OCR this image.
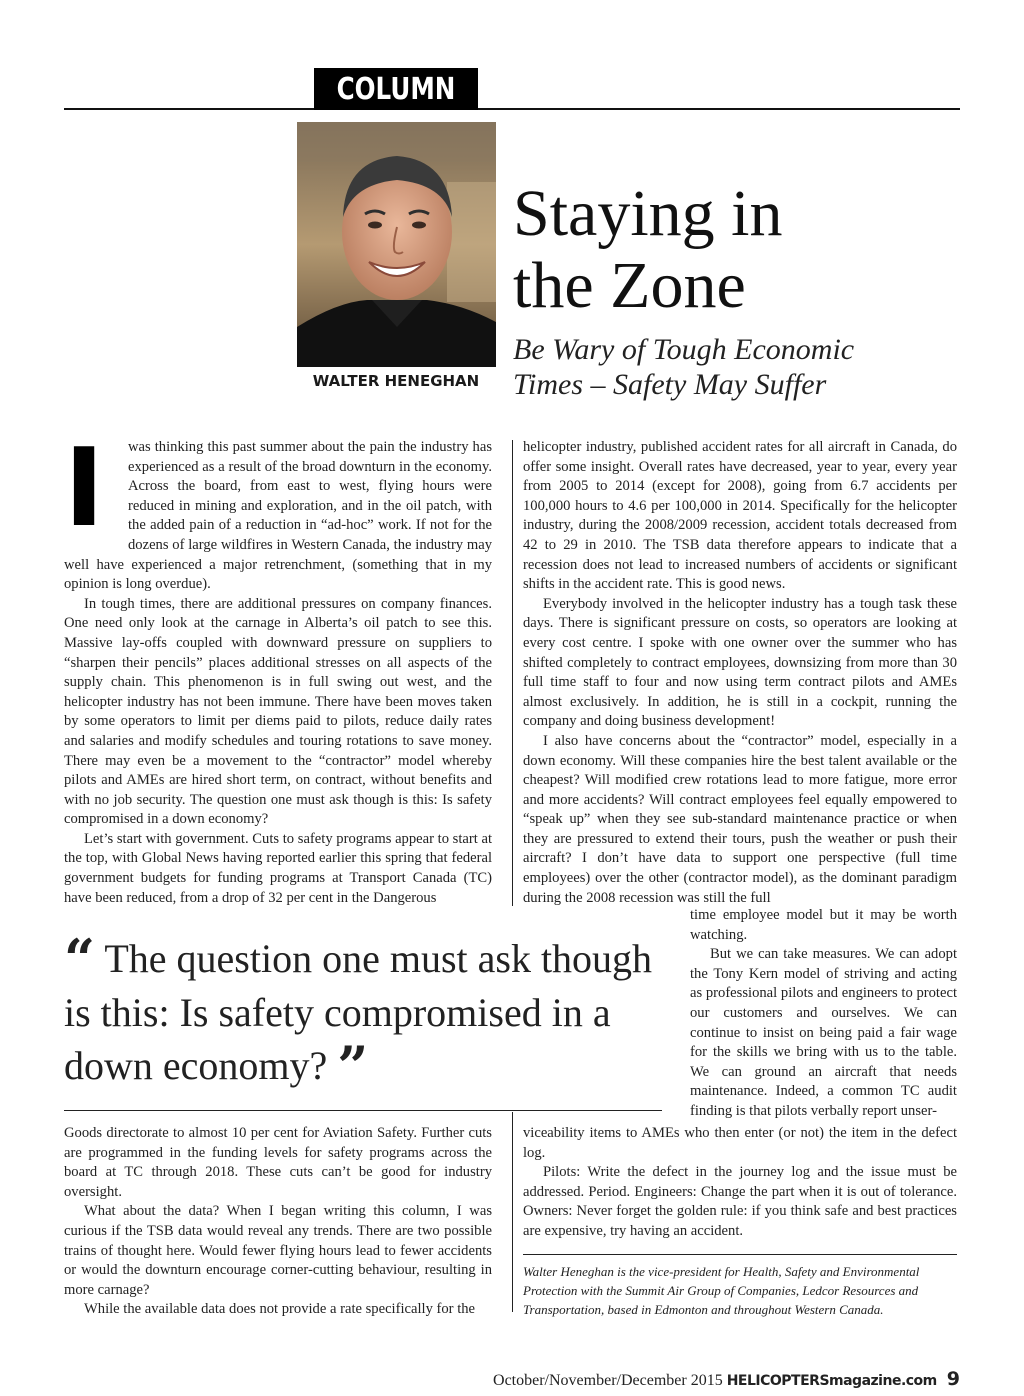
COLUMN
WALTER HENEGHAN
Staying in
the Zone
Be Wary of Tough Economic
Times – Safety May Suffer
I	was thinking this past summer about the pain the industry has experienced as a result of the broad downturn in the economy. Across the board, from east to west, flying hours were reduced in mining and exploration, and in the oil patch, with the added pain of a reduction in “ad-hoc” work. If not for the dozens of large wildfires in Western Canada, the industry may well have experienced a major retrenchment, (something that in my opinion is long overdue).

In tough times, there are additional pressures on company finances. One need only look at the carnage in Alberta’s oil patch to see this. Massive lay-offs coupled with downward pressure on suppliers to “sharpen their pencils” places additional stresses on all aspects of the supply chain. This phenomenon is in full swing out west, and the helicopter industry has not been immune. There have been moves taken by some operators to limit per diems paid to pilots, reduce daily rates and salaries and modify schedules and touring rotations to save money. There may even be a movement to the “contractor” model whereby pilots and AMEs are hired short term, on contract, without benefits and with no job security. The question one must ask though is this: Is safety compromised in a down economy?

Let’s start with government. Cuts to safety programs appear to start at the top, with Global News having reported earlier this spring that federal government budgets for funding programs at Transport Canada (TC) have been reduced, from a drop of 32 per cent in the Dangerous

helicopter industry, published accident rates for all aircraft in Canada, do offer some insight. Overall rates have decreased, year to year, every year from 2005 to 2014 (except for 2008), going from 6.7 accidents per 100,000 hours to 4.6 per 100,000 in 2014. Specifically for the helicopter industry, during the 2008/2009 recession, accident totals decreased from 42 to 29 in 2010. The TSB data therefore appears to indicate that a recession does not lead to increased numbers of accidents or significant shifts in the accident rate. This is good news.

Everybody involved in the helicopter industry has a tough task these days. There is significant pressure on costs, so operators are looking at every cost centre. I spoke with one owner over the summer who has shifted completely to contract employees, downsizing from more than 30 full time staff to four and now using term contract pilots and AMEs almost exclusively. In addition, he is still in a cockpit, running the company and doing business development!

I also have concerns about the “contractor” model, especially in a down economy. Will these companies hire the best talent available or the cheapest? Will modified crew rotations lead to more fatigue, more error and more accidents? Will contract employees feel equally empowered to “speak up” when they see sub-standard maintenance practice or when they are pressured to extend their tours, push the weather or push their aircraft? I don’t have data to support one perspective (full time employees) over the other (contractor model), as the dominant paradigm during the 2008 recession was still the full

time employee model but it may be worth watching.

But we can take measures. We can adopt the Tony Kern model of striving and acting as professional pilots and engineers to protect our customers and ourselves. We can continue to insist on being paid a fair wage for the skills we bring with us to the table. We can ground an aircraft that needs maintenance. Indeed, a common TC audit finding is that pilots verbally report unser-

“ The question one must ask though is this: Is safety compromised in a down economy? ”

Goods directorate to almost 10 per cent for Aviation Safety. Further cuts are programmed in the funding levels for safety programs across the board at TC through 2018. These cuts can’t be good for industry oversight.

What about the data? When I began writing this column, I was curious if the TSB data would reveal any trends. There are two possible trains of thought here. Would fewer flying hours lead to fewer accidents or would the downturn encourage corner-cutting behaviour, resulting in more carnage?

While the available data does not provide a rate specifically for the

viceability items to AMEs who then enter (or not) the item in the defect log.

Pilots: Write the defect in the journey log and the issue must be addressed. Period. Engineers: Change the part when it is out of tolerance. Owners: Never forget the golden rule: if you think safe and best practices are expensive, try having an accident.

Walter Heneghan is the vice-president for Health, Safety and Environmental Protection with the Summit Air Group of Companies, Ledcor Resources and Transportation, based in Edmonton and throughout Western Canada.
October/November/December 2015 HELICOPTERSmagazine.com 9
